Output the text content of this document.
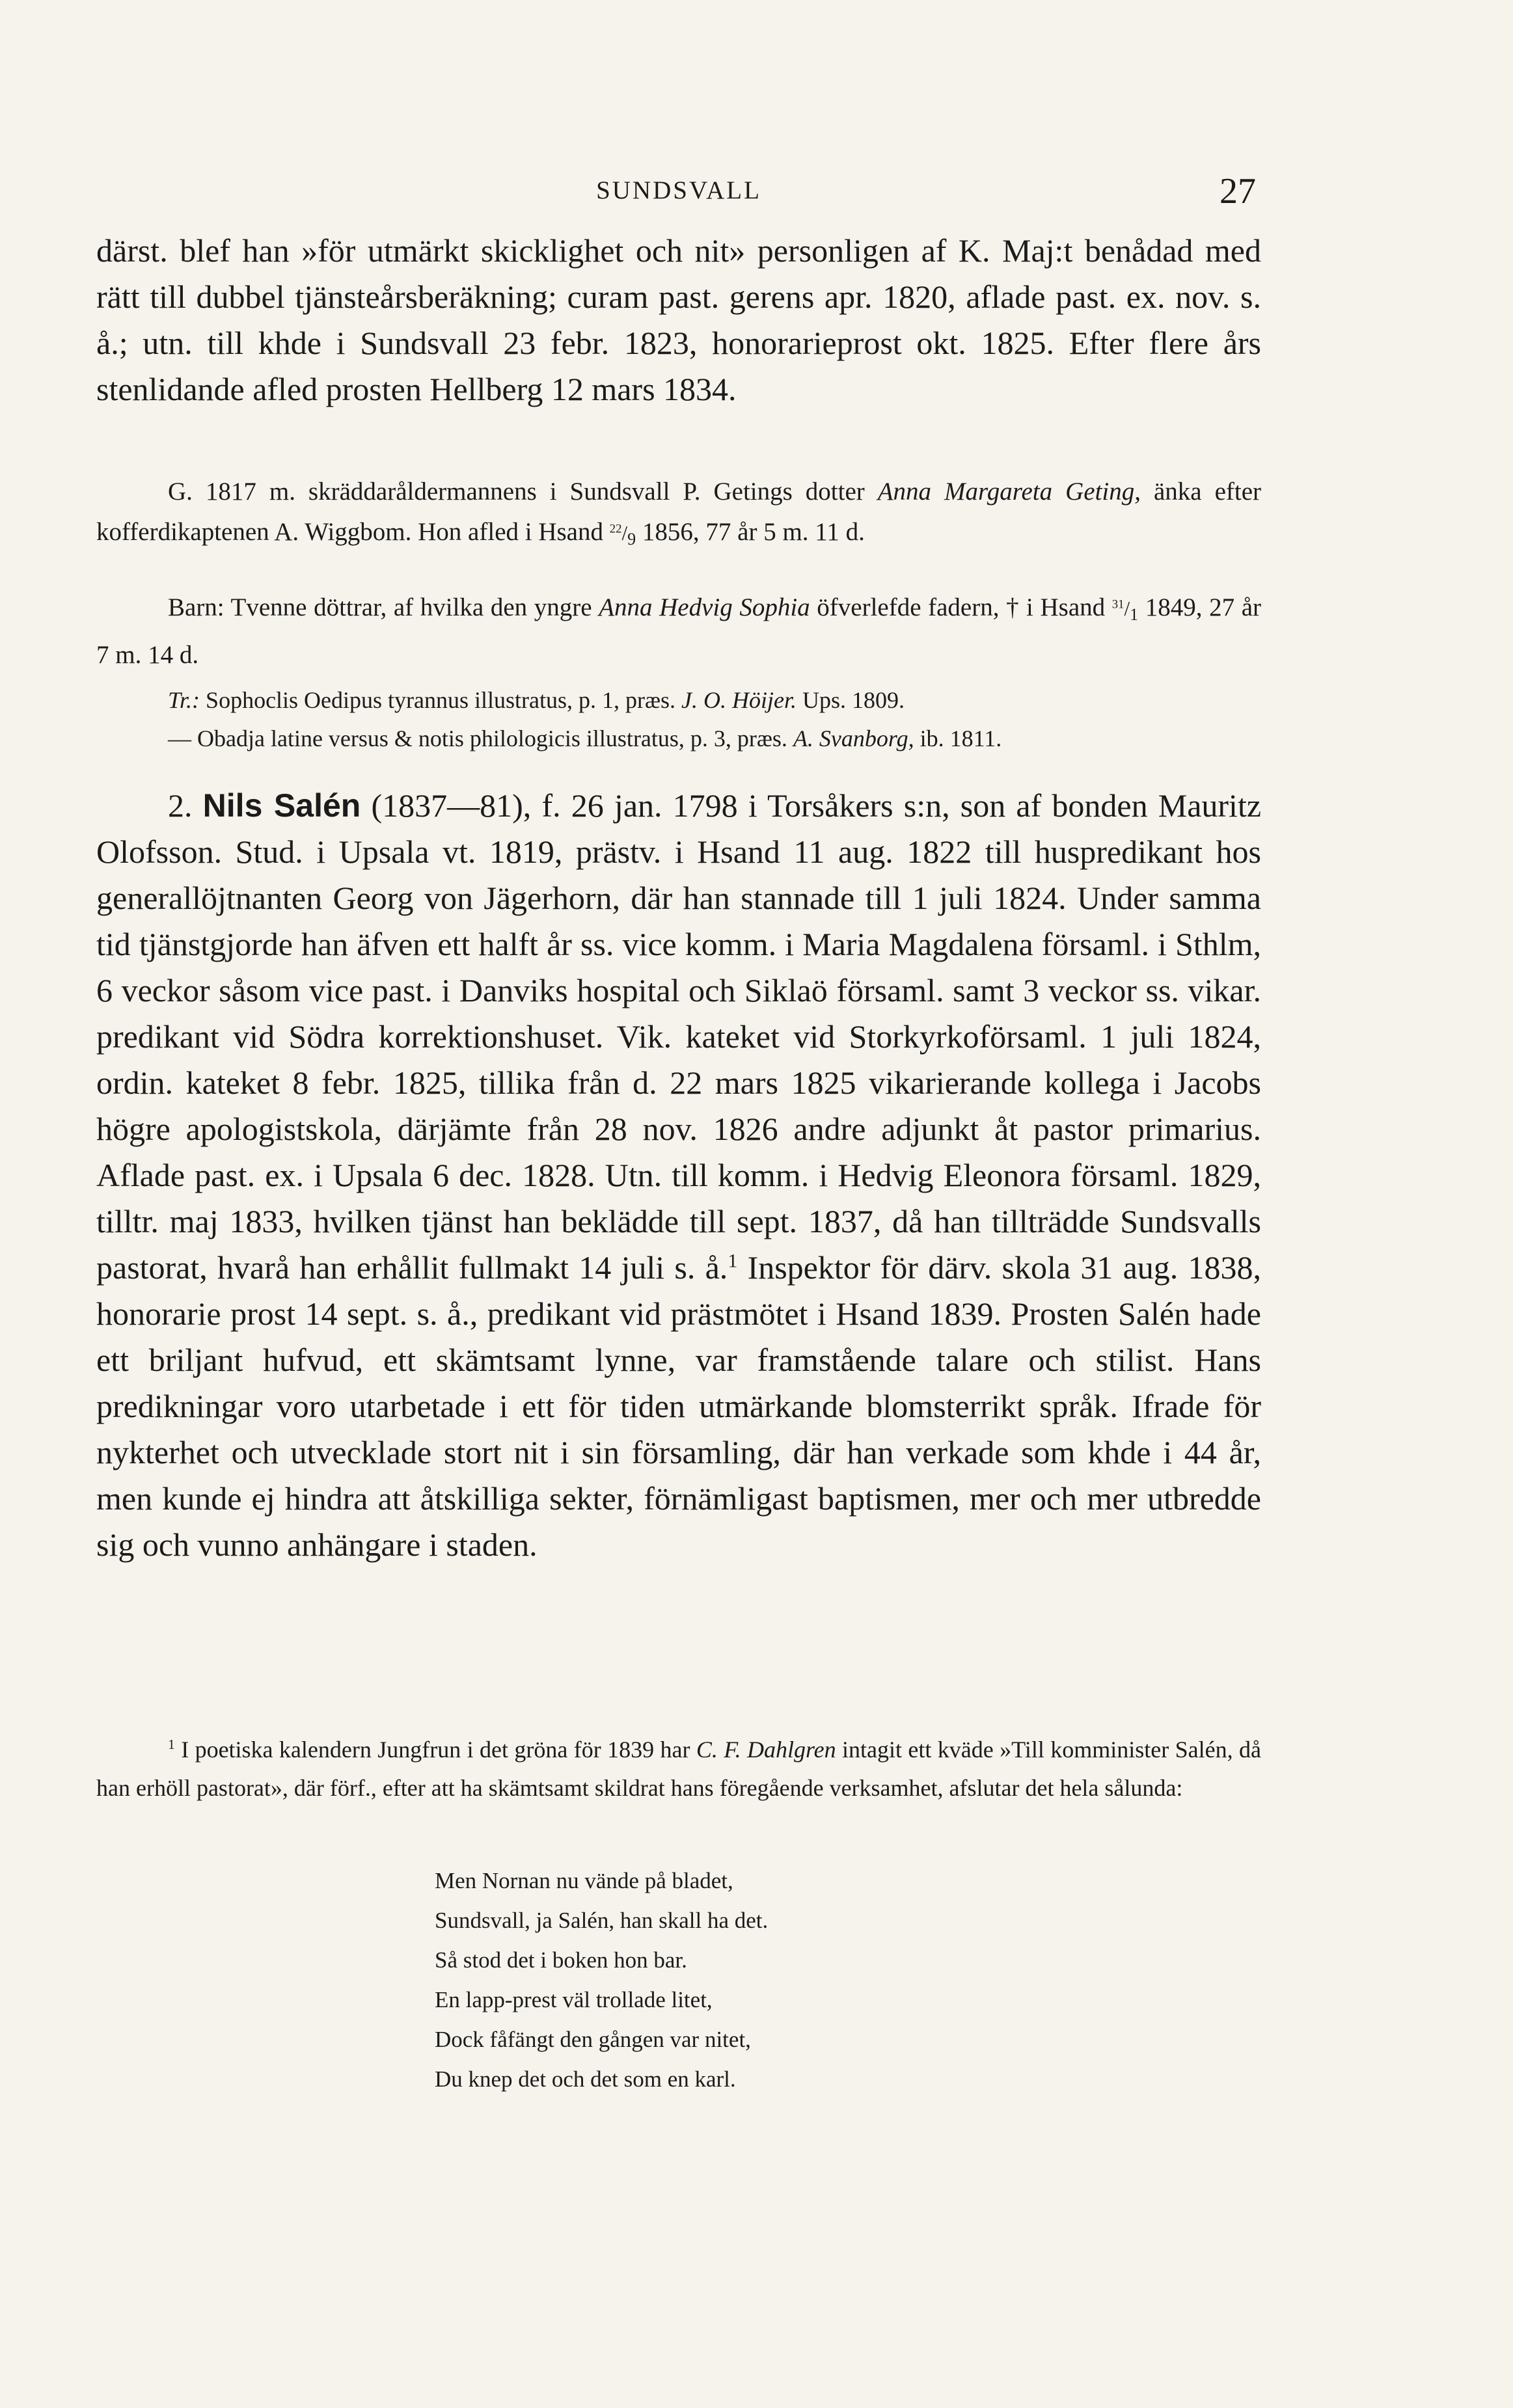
SUNDSVALL	27

därst. blef han »för utmärkt skicklighet och nit» personligen af K. Maj:t benådad med rätt till dubbel tjänsteårsberäkning; curam past. gerens apr. 1820, aflade past. ex. nov. s. å.; utn. till khde i Sundsvall 23 febr. 1823, honorarieprost okt. 1825. Efter flere års stenlidande afled prosten Hellberg 12 mars 1834.

G. 1817 m. skräddaråldermannens i Sundsvall P. Getings dotter Anna Margareta Geting, änka efter kofferdikaptenen A. Wiggbom. Hon afled i Hsand $^{22}/_9$ 1856, 77 år 5 m. 11 d.

Barn: Tvenne döttrar, af hvilka den yngre Anna Hedvig Sophia öfverlefde fadern, † i Hsand $^{31}/_1$ 1849, 27 år 7 m. 14 d.

Tr.: Sophoclis Oedipus tyrannus illustratus, p. 1, præs. J. O. Höijer. Ups. 1809.
— Obadja latine versus & notis philologicis illustratus, p. 3, præs. A. Svanborg, ib. 1811.

2. Nils Salén (1837—81), f. 26 jan. 1798 i Torsåkers s:n, son af bonden Mauritz Olofsson. Stud. i Upsala vt. 1819, prästv. i Hsand 11 aug. 1822 till huspredikant hos generallöjtnanten Georg von Jägerhorn, där han stannade till 1 juli 1824. Under samma tid tjänstgjorde han äfven ett halft år ss. vice komm. i Maria Magdalena församl. i Sthlm, 6 veckor såsom vice past. i Danviks hospital och Siklaö församl. samt 3 veckor ss. vikar. predikant vid Södra korrektionshuset. Vik. kateket vid Storkyrkoförsaml. 1 juli 1824, ordin. kateket 8 febr. 1825, tillika från d. 22 mars 1825 vikarierande kollega i Jacobs högre apologistskola, därjämte från 28 nov. 1826 andre adjunkt åt pastor primarius. Aflade past. ex. i Upsala 6 dec. 1828. Utn. till komm. i Hedvig Eleonora församl. 1829, tilltr. maj 1833, hvilken tjänst han beklädde till sept. 1837, då han tillträdde Sundsvalls pastorat, hvarå han erhållit fullmakt 14 juli s. å.$^1$ Inspektor för därv. skola 31 aug. 1838, honorarie prost 14 sept. s. å., predikant vid prästmötet i Hsand 1839. Prosten Salén hade ett briljant hufvud, ett skämtsamt lynne, var framstående talare och stilist. Hans predikningar voro utarbetade i ett för tiden utmärkande blomsterrikt språk. Ifrade för nykterhet och utvecklade stort nit i sin församling, där han verkade som khde i 44 år, men kunde ej hindra att åtskilliga sekter, förnämligast baptismen, mer och mer utbredde sig och vunno anhängare i staden.

$^1$ I poetiska kalendern Jungfrun i det gröna för 1839 har C. F. Dahlgren intagit ett kväde »Till komminister Salén, då han erhöll pastorat», där förf., efter att ha skämtsamt skildrat hans föregående verksamhet, afslutar det hela sålunda:

Men Nornan nu vände på bladet,
Sundsvall, ja Salén, han skall ha det.
Så stod det i boken hon bar.
En lapp-prest väl trollade litet,
Dock fåfängt den gången var nitet,
Du knep det och det som en karl.
